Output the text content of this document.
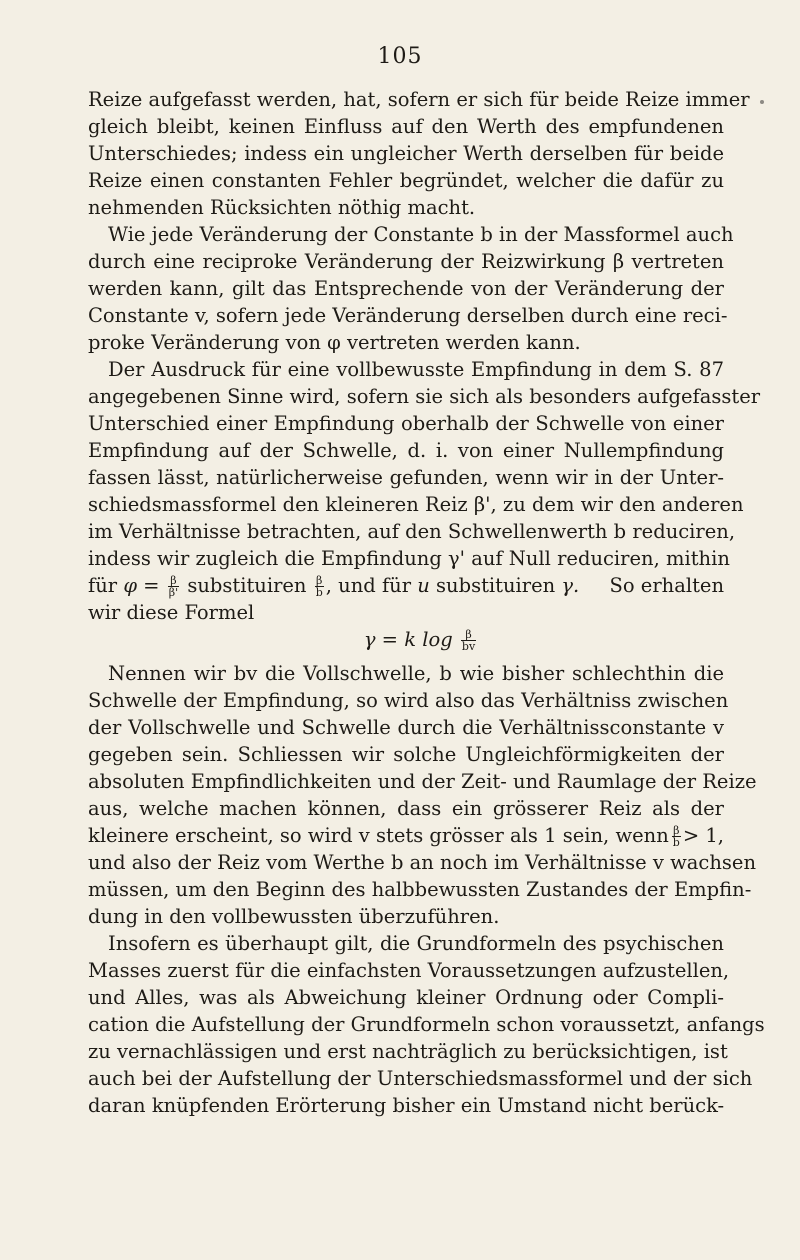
105
Reize aufgefasst werden, hat, sofern er sich für beide Reize immer
gleich bleibt, keinen Einfluss auf den Werth des empfundenen
Unterschiedes; indess ein ungleicher Werth derselben für beide
Reize einen constanten Fehler begründet, welcher die dafür zu
nehmenden Rücksichten nöthig macht.
Wie jede Veränderung der Constante b in der Massformel auch
durch eine reciproke Veränderung der Reizwirkung β vertreten
werden kann, gilt das Entsprechende von der Veränderung der
Constante v, sofern jede Veränderung derselben durch eine reci-
proke Veränderung von φ vertreten werden kann.
Der Ausdruck für eine vollbewusste Empfindung in dem S. 87
angegebenen Sinne wird, sofern sie sich als besonders aufgefasster
Unterschied einer Empfindung oberhalb der Schwelle von einer
Empfindung auf der Schwelle, d. i. von einer Nullempfindung
fassen lässt, natürlicherweise gefunden, wenn wir in der Unter-
schiedsmassformel den kleineren Reiz β', zu dem wir den anderen
im Verhältnisse betrachten, auf den Schwellenwerth b reduciren,
indess wir zugleich die Empfindung γ' auf Null reduciren, mithin
für $\varphi = \frac{\beta}{\beta'}$ substituiren $\frac{\beta}{b}$ , und für u substituiren γ. So erhalten
wir diese Formel
γ = k $\log \frac{\beta}{bv}$
Nennen wir bv die Vollschwelle, b wie bisher schlechthin die
Schwelle der Empfindung, so wird also das Verhältniss zwischen
der Vollschwelle und Schwelle durch die Verhältnissconstante v
gegeben sein. Schliessen wir solche Ungleichförmigkeiten der
absoluten Empfindlichkeiten und der Zeit- und Raumlage der Reize
aus, welche machen können, dass ein grösserer Reiz als der
kleinere erscheint, so wird v stets grösser als 1 sein, wenn $\frac{\beta}{b} > 1$,
und also der Reiz vom Werthe b an noch im Verhältnisse v wachsen
müssen, um den Beginn des halbbewussten Zustandes der Empfin-
dung in den vollbewussten überzuführen.
Insofern es überhaupt gilt, die Grundformeln des psychischen
Masses zuerst für die einfachsten Voraussetzungen aufzustellen,
und Alles, was als Abweichung kleiner Ordnung oder Compli-
cation die Aufstellung der Grundformeln schon voraussetzt, anfangs
zu vernachlässigen und erst nachträglich zu berücksichtigen, ist
auch bei der Aufstellung der Unterschiedsmassformel und der sich
daran knüpfenden Erörterung bisher ein Umstand nicht berück-
